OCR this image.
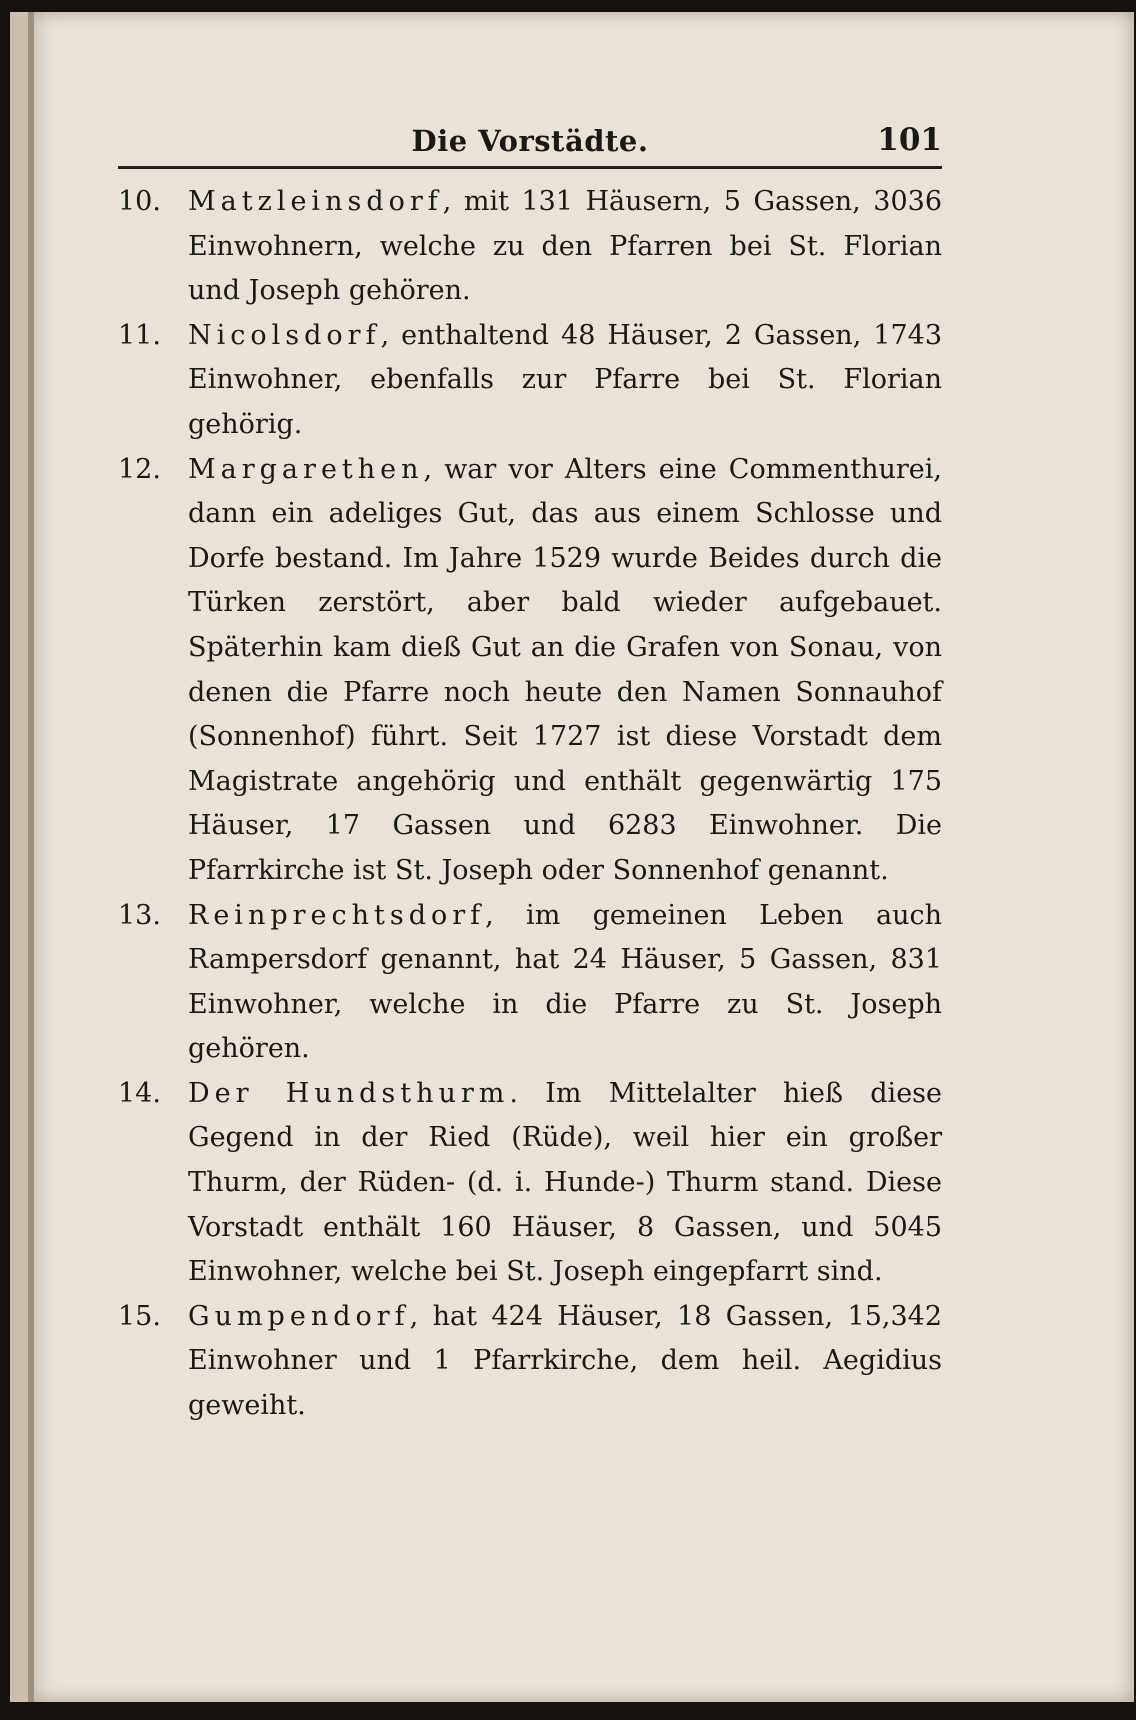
Die Vorstädte.	101

10.	Matzleinsdorf, mit 131 Häusern, 5 Gassen, 3036 Einwohnern, welche zu den Pfarren bei St. Florian und Joseph gehören.

11.	Nicolsdorf, enthaltend 48 Häuser, 2 Gassen, 1743 Einwohner, ebenfalls zur Pfarre bei St. Florian gehörig.

12.	Margarethen, war vor Alters eine Commenthurei, dann ein adeliges Gut, das aus einem Schlosse und Dorfe bestand. Im Jahre 1529 wurde Beides durch die Türken zerstört, aber bald wieder aufgebauet. Späterhin kam dieß Gut an die Grafen von Sonau, von denen die Pfarre noch heute den Namen Sonnauhof (Sonnenhof) führt. Seit 1727 ist diese Vorstadt dem Magistrate angehörig und enthält gegenwärtig 175 Häuser, 17 Gassen und 6283 Einwohner. Die Pfarrkirche ist St. Joseph oder Sonnenhof genannt.

13.	Reinprechtsdorf, im gemeinen Leben auch Rampersdorf genannt, hat 24 Häuser, 5 Gassen, 831 Einwohner, welche in die Pfarre zu St. Joseph gehören.

14.	Der Hundsthurm. Im Mittelalter hieß diese Gegend in der Ried (Rüde), weil hier ein großer Thurm, der Rüden- (d. i. Hunde-) Thurm stand. Diese Vorstadt enthält 160 Häuser, 8 Gassen, und 5045 Einwohner, welche bei St. Joseph eingepfarrt sind.

15.	Gumpendorf, hat 424 Häuser, 18 Gassen, 15,342 Einwohner und 1 Pfarrkirche, dem heil. Aegidius geweiht.
